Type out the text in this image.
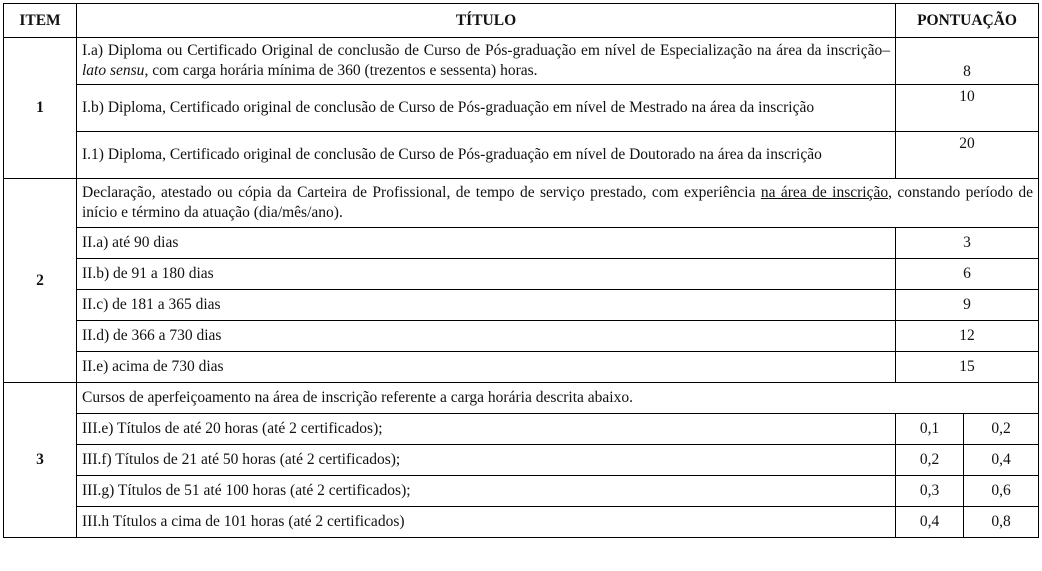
ITEM	TÍTULO	PONTUAÇÃO	
1	I.a) Diploma ou Certificado Original de conclusão de Curso de Pós-graduação em nível de Especialização na área da inscrição– lato sensu, com carga horária mínima de 360 (trezentos e sessenta) horas.	8	
	I.b) Diploma, Certificado original de conclusão de Curso de Pós-graduação em nível de Mestrado na área da inscrição	10	
	I.1) Diploma, Certificado original de conclusão de Curso de Pós-graduação em nível de Doutorado na área da inscrição	20	
2	Declaração, atestado ou cópia da Carteira de Profissional, de tempo de serviço prestado, com experiência na área de inscrição, constando período de início e término da atuação (dia/mês/ano).		
	II.a) até 90 dias	3	
	II.b) de 91 a 180 dias	6	
	II.c) de 181 a 365 dias	9	
	II.d) de 366 a 730 dias	12	
	II.e) acima de 730 dias	15	
3	Cursos de aperfeiçoamento na área de inscrição referente a carga horária descrita abaixo.		
	III.e) Títulos de até 20 horas (até 2 certificados);	0,1	0,2
	III.f) Títulos de 21 até 50 horas (até 2 certificados);	0,2	0,4
	III.g) Títulos de 51 até 100 horas (até 2 certificados);	0,3	0,6
	III.h Títulos a cima de 101 horas (até 2 certificados)	0,4	0,8
